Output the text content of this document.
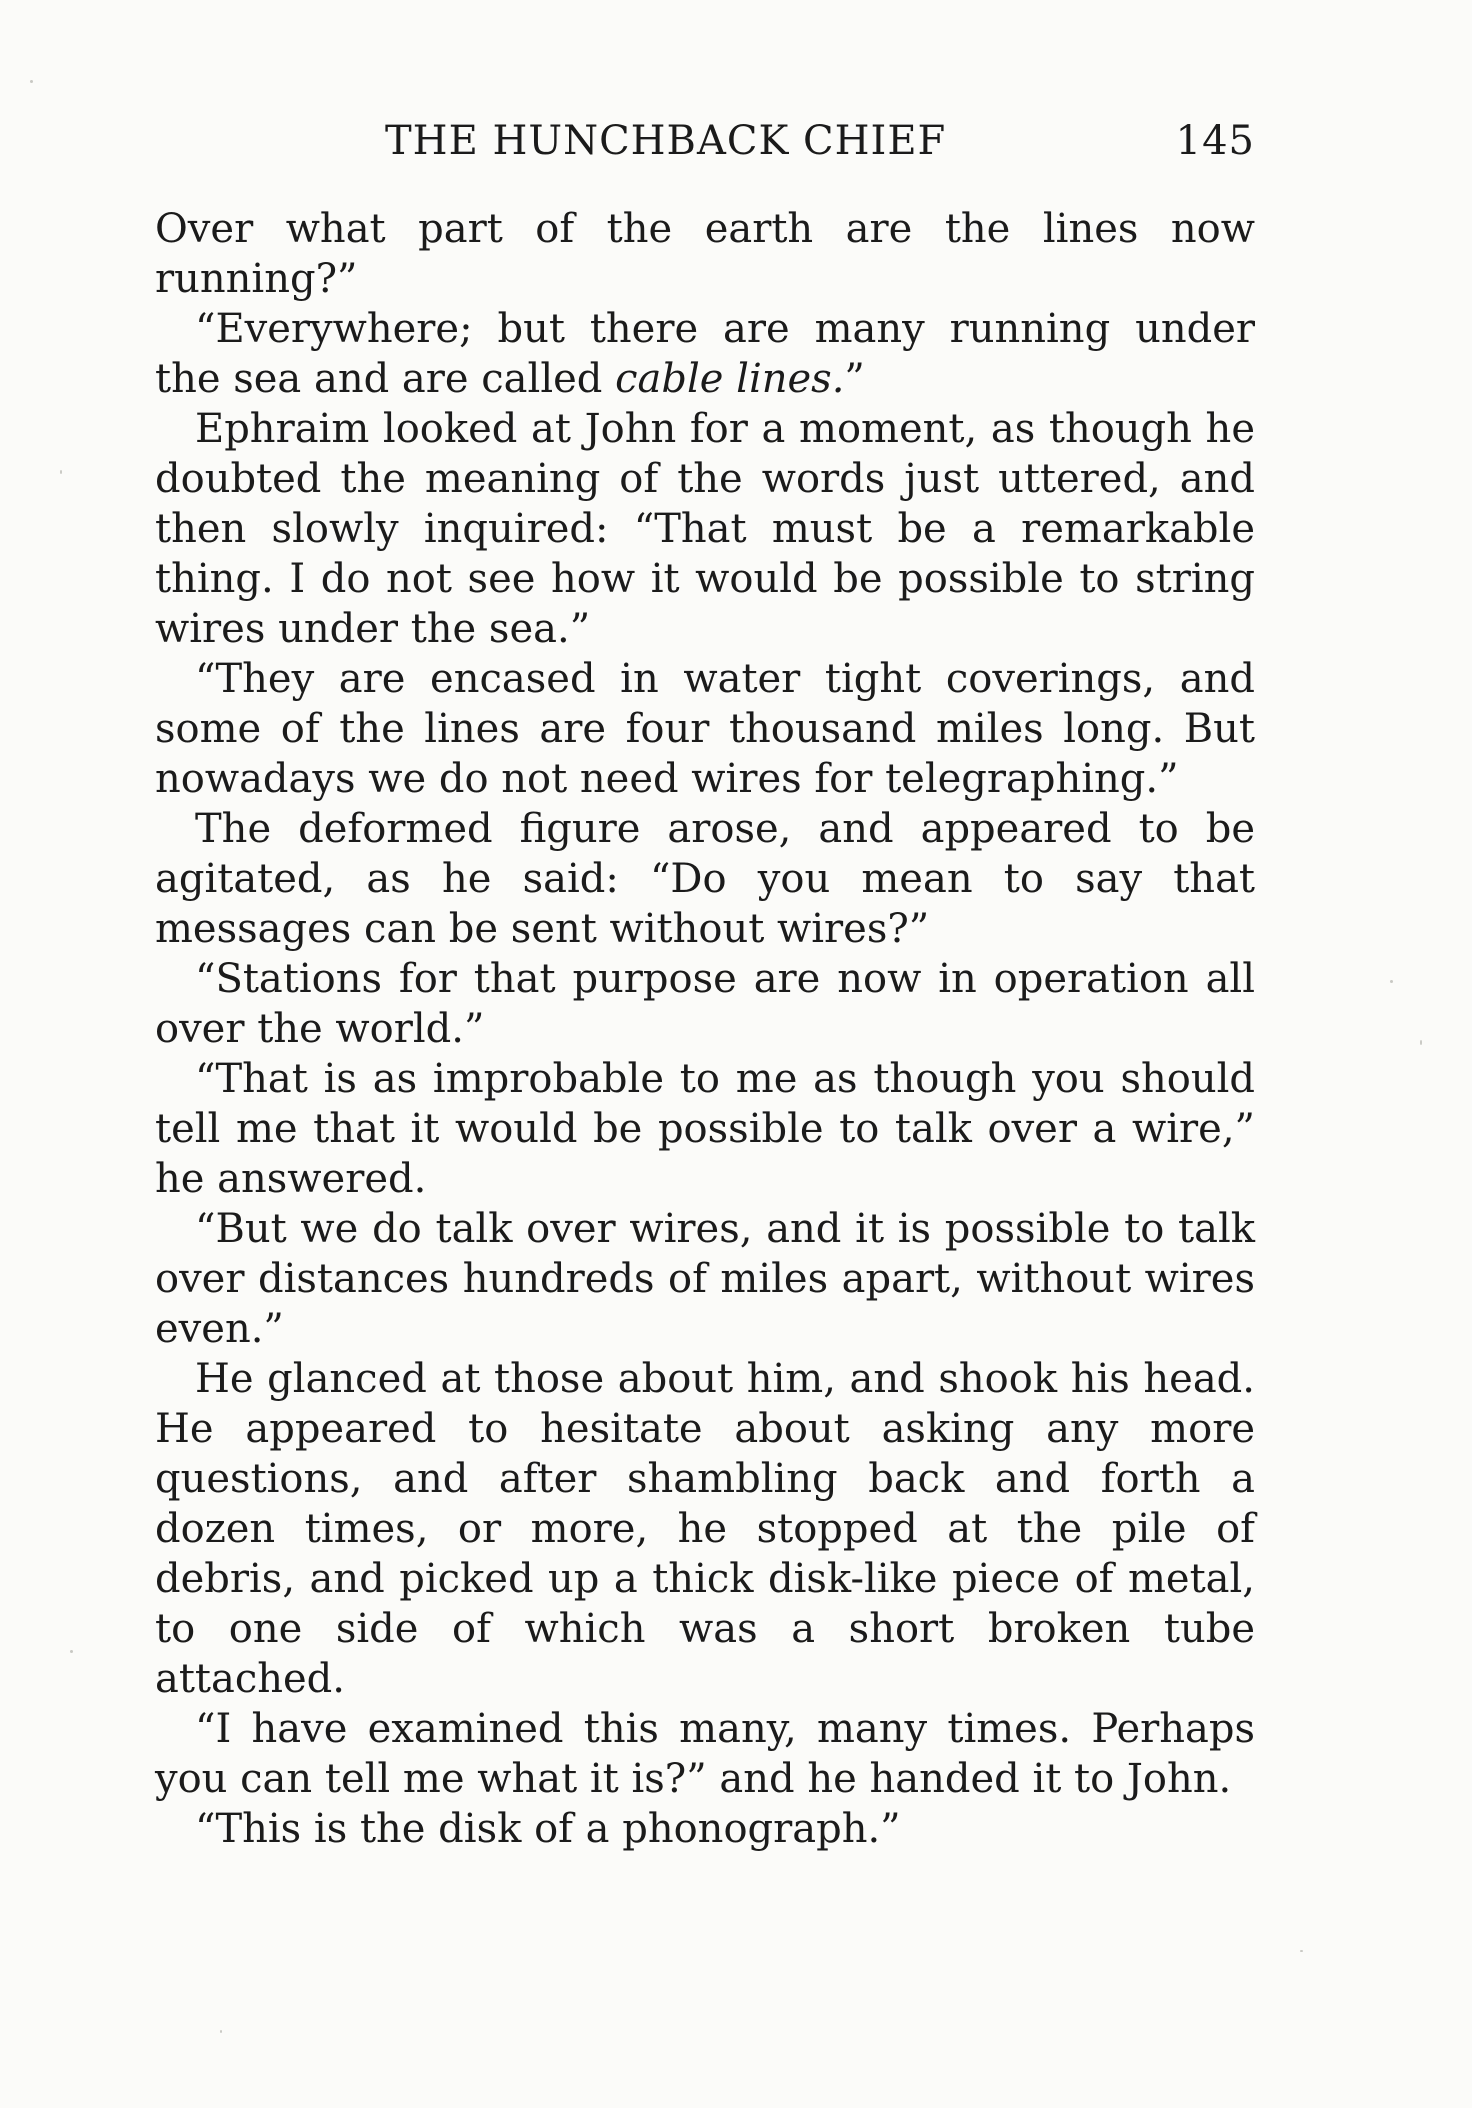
THE HUNCHBACK CHIEF	145

Over what part of the earth are the lines now running?”

“Everywhere; but there are many running under the sea and are called cable lines.”

Ephraim looked at John for a moment, as though he doubted the meaning of the words just uttered, and then slowly inquired: “That must be a remarkable thing. I do not see how it would be possible to string wires under the sea.”

“They are encased in water tight coverings, and some of the lines are four thousand miles long. But nowadays we do not need wires for telegraphing.”

The deformed figure arose, and appeared to be agitated, as he said: “Do you mean to say that messages can be sent without wires?”

“Stations for that purpose are now in operation all over the world.”

“That is as improbable to me as though you should tell me that it would be possible to talk over a wire,” he answered.

“But we do talk over wires, and it is possible to talk over distances hundreds of miles apart, without wires even.”

He glanced at those about him, and shook his head. He appeared to hesitate about asking any more questions, and after shambling back and forth a dozen times, or more, he stopped at the pile of debris, and picked up a thick disk-like piece of metal, to one side of which was a short broken tube attached.

“I have examined this many, many times. Perhaps you can tell me what it is?” and he handed it to John.

“This is the disk of a phonograph.”
